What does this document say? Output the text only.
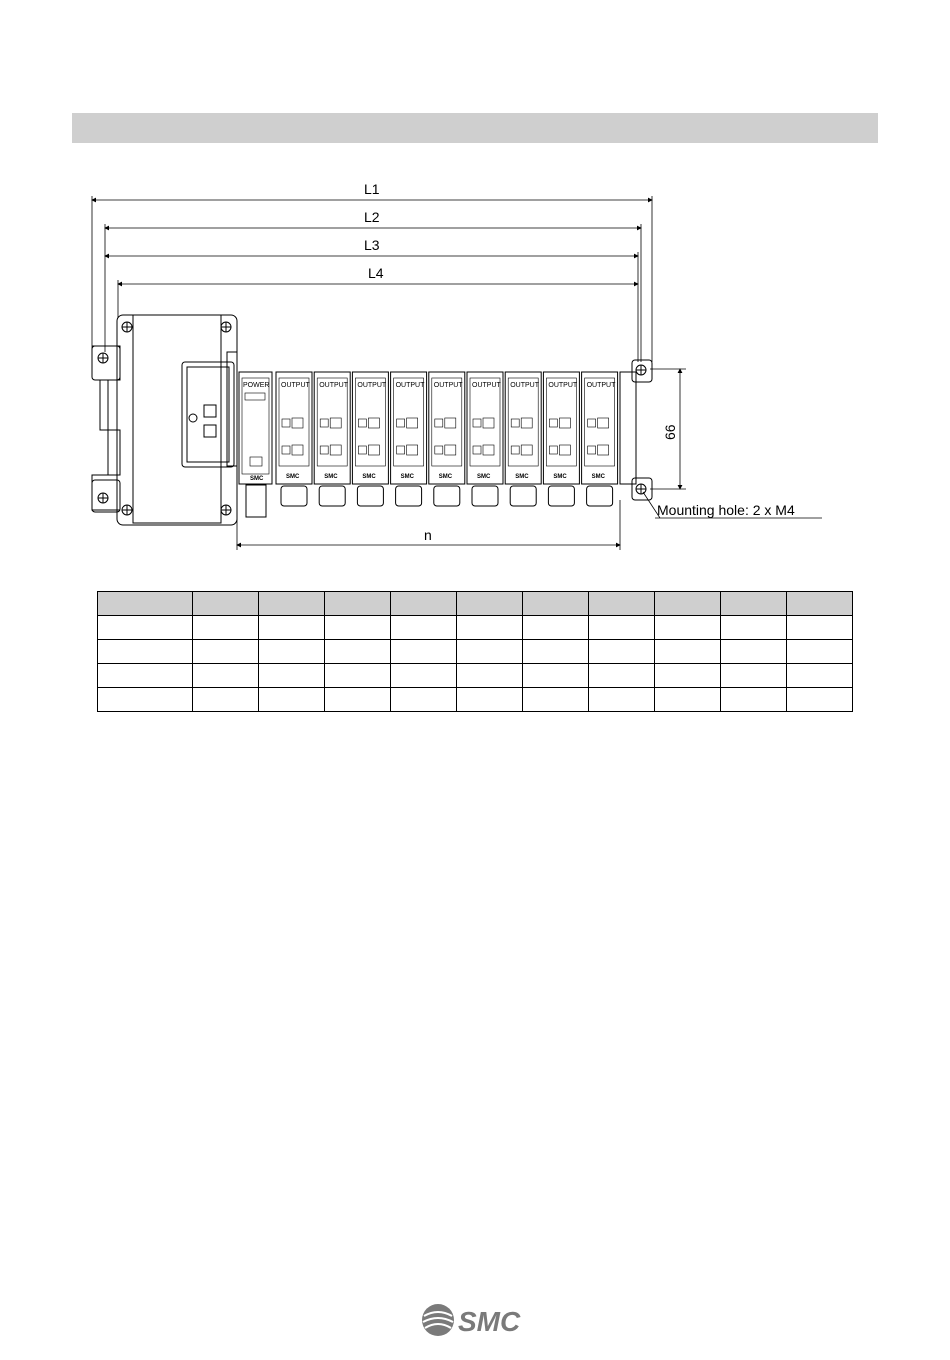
L1
L2
L3
L4
n
66
Mounting hole: 2 x M4
POWER
SMC
OUTPUT
SMC
OUTPUT
SMC
OUTPUT
SMC
OUTPUT
SMC
OUTPUT
SMC
OUTPUT
SMC
OUTPUT
SMC
OUTPUT
SMC
OUTPUT
SMC

SMC
